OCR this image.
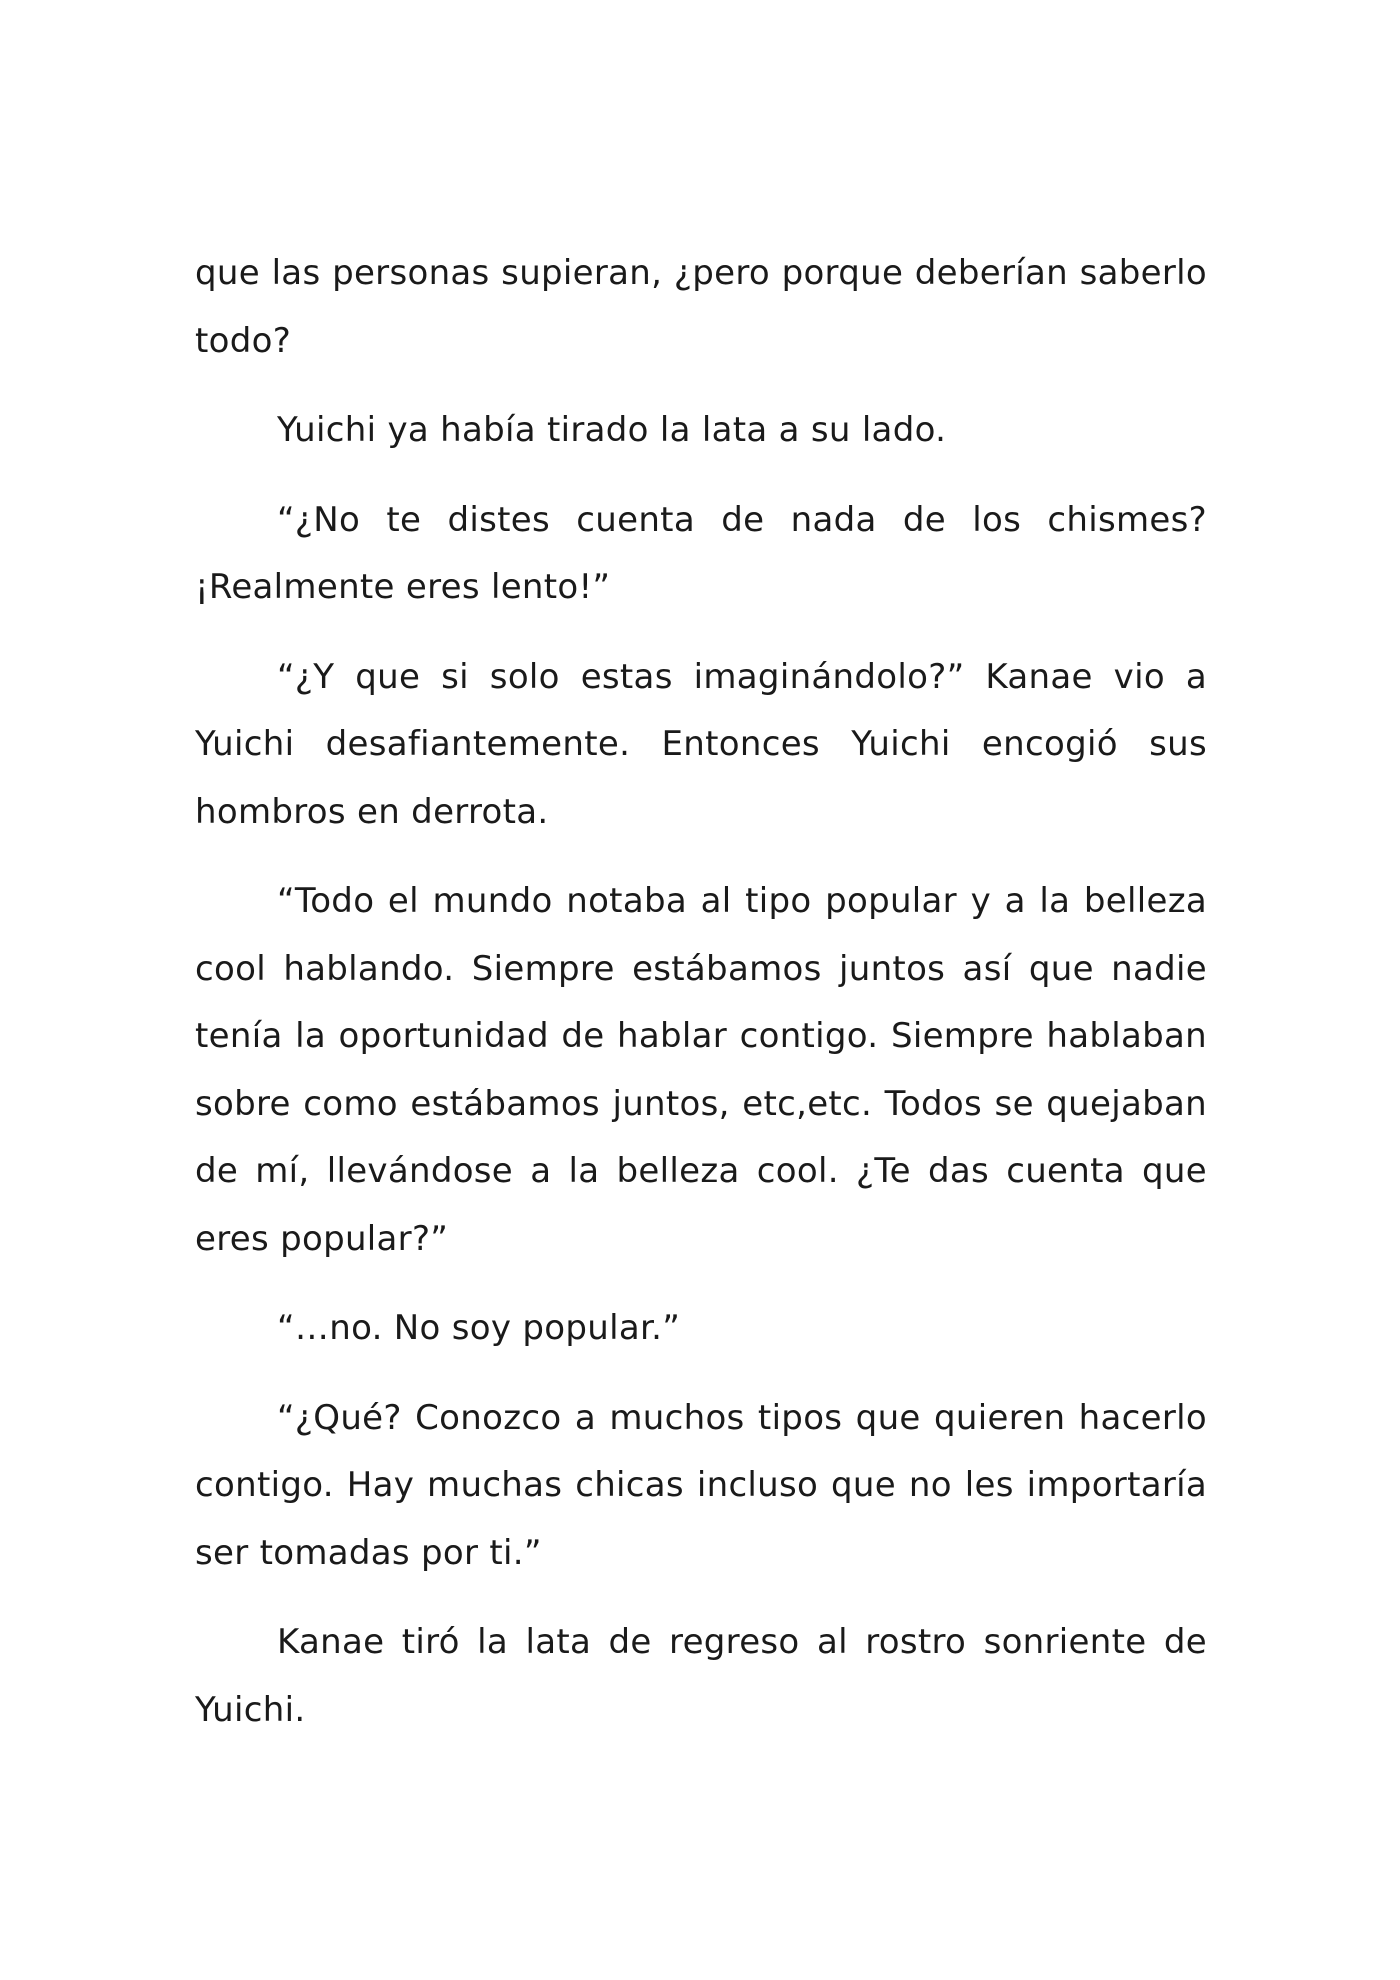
que las personas supieran, ¿pero porque deberían saberlo todo?

Yuichi ya había tirado la lata a su lado.

“¿No te distes cuenta de nada de los chismes? ¡Realmente eres lento!”

“¿Y que si solo estas imaginándolo?” Kanae vio a Yuichi desafiantemente. Entonces Yuichi encogió sus hombros en derrota.

“Todo el mundo notaba al tipo popular y a la belleza cool hablando. Siempre estábamos juntos así que nadie tenía la oportunidad de hablar contigo. Siempre hablaban sobre como estábamos juntos, etc,etc. Todos se quejaban de mí, llevándose a la belleza cool. ¿Te das cuenta que eres popular?”

“…no. No soy popular.”

“¿Qué? Conozco a muchos tipos que quieren hacerlo contigo. Hay muchas chicas incluso que no les importaría ser tomadas por ti.”

Kanae tiró la lata de regreso al rostro sonriente de Yuichi.
